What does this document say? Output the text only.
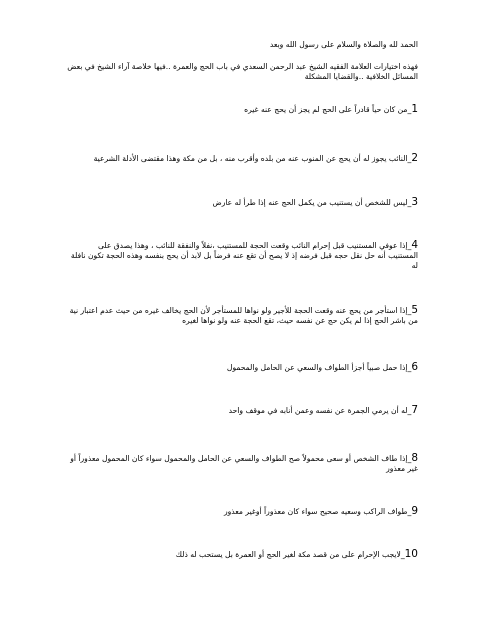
الحمد لله والصلاة والسلام على رسول الله وبعد
فهذه اختيارات العلامة الفقيه الشيخ عبد الرحمن السعدي في باب الحج والعمرة ..فيها خلاصة آراء الشيخ في بعض المسائل الخلافية ..والقضايا المشكلة
1_من كان حياً قادراً على الحج لم يجز أن يحج عنه غيره
2_النائب يجوز له أن يحج عن المنوب عنه من بلده وأقرب منه ، بل من مكة وهذا مقتضى الأدلة الشرعية
3_ليس للشخص أن يستنيب من يكمل الحج عنه إذا طرأ له عارض
4_إذا عوفي المستنيب قبل إحرام النائب وقعت الحجة للمستنيب ،نفلاً والنفقة للنائب ، وهذا يصدق على المستنيب أنه حل نقل حجه قبل فرضه إذ لا يصح أن تقع عنه فرضاً بل لابد أن يحج بنفسه وهذه الحجة تكون نافلة له
5_إذا استأجر من يحج عنه وقعت الحجة للأجير ولو نواها للمستأجر لأن الحج يخالف غيره من حيث عدم اعتبار نية من باشر الحج إذا لم يكن حج عن نفسه حيث، تقع الحجة عنه ولو نواها لغيره
6_إذا حمل صبياً أجزأ الطواف والسعي عن الحامل والمحمول
7_له أن يرمي الجمرة عن نفسه وعمن أنابه في موقف واحد
8_إذا طاف الشخص أو سعى محمولاً صح الطواف والسعي عن الحامل والمحمول سواء كان المحمول معذوراً أو غير معذور
9_طواف الراكب وسعيه صحيح سواء كان معذوراً أوغير معذور
10_لايجب الإحرام على من قصد مكة لغير الحج أو العمرة بل يستحب له ذلك
